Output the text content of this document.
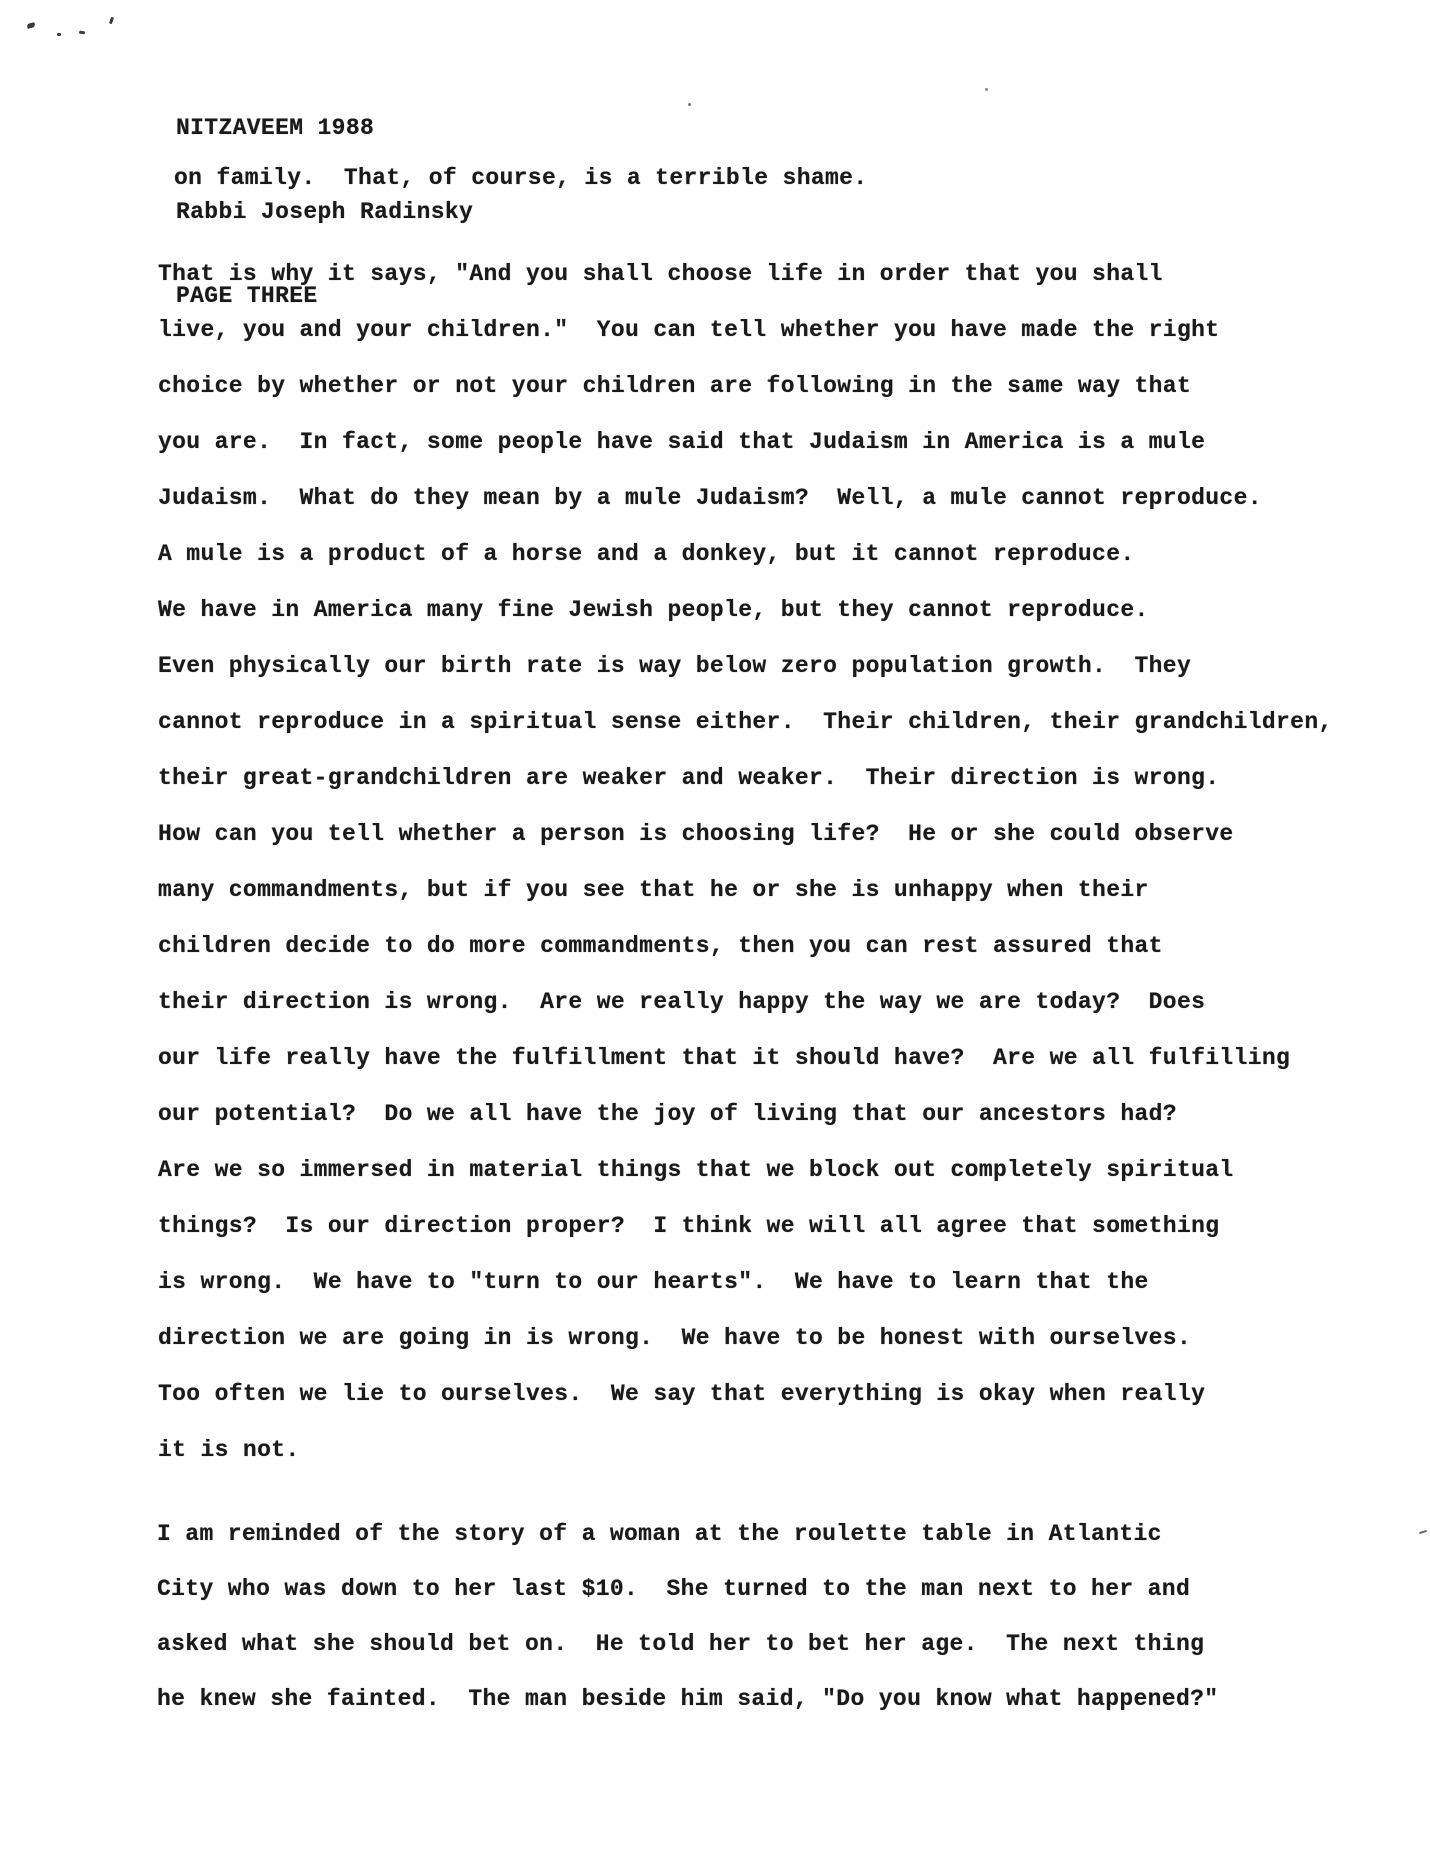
NITZAVEEM 1988

Rabbi Joseph Radinsky

PAGE THREE

on family.  That, of course, is a terrible shame.
That is why it says, "And you shall choose life in order that you shall
live, you and your children."  You can tell whether you have made the right
choice by whether or not your children are following in the same way that
you are.  In fact, some people have said that Judaism in America is a mule
Judaism.  What do they mean by a mule Judaism?  Well, a mule cannot reproduce.
A mule is a product of a horse and a donkey, but it cannot reproduce.
We have in America many fine Jewish people, but they cannot reproduce.
Even physically our birth rate is way below zero population growth.  They
cannot reproduce in a spiritual sense either.  Their children, their grandchildren,
their great-grandchildren are weaker and weaker.  Their direction is wrong.
How can you tell whether a person is choosing life?  He or she could observe
many commandments, but if you see that he or she is unhappy when their
children decide to do more commandments, then you can rest assured that
their direction is wrong.  Are we really happy the way we are today?  Does
our life really have the fulfillment that it should have?  Are we all fulfilling
our potential?  Do we all have the joy of living that our ancestors had?
Are we so immersed in material things that we block out completely spiritual
things?  Is our direction proper?  I think we will all agree that something
is wrong.  We have to "turn to our hearts".  We have to learn that the
direction we are going in is wrong.  We have to be honest with ourselves.
Too often we lie to ourselves.  We say that everything is okay when really
it is not.
I am reminded of the story of a woman at the roulette table in Atlantic
City who was down to her last $10.  She turned to the man next to her and
asked what she should bet on.  He told her to bet her age.  The next thing
he knew she fainted.  The man beside him said, "Do you know what happened?"
